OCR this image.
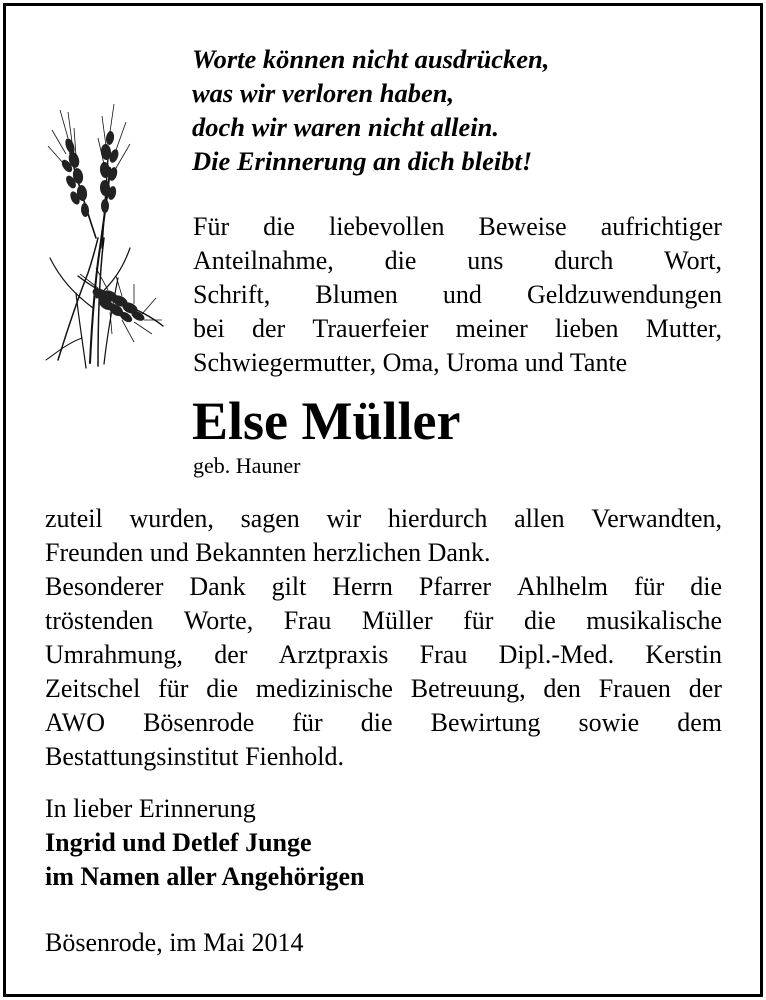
Worte können nicht ausdrücken,
was wir verloren haben,
doch wir waren nicht allein.
Die Erinnerung an dich bleibt!
Für die liebevollen Beweise aufrichtiger
Anteilnahme, die uns durch Wort,
Schrift, Blumen und Geldzuwendungen
bei der Trauerfeier meiner lieben Mutter,
Schwiegermutter, Oma, Uroma und Tante
Else Müller
geb. Hauner
zuteil wurden, sagen wir hierdurch allen Verwandten,
Freunden und Bekannten herzlichen Dank.
Besonderer Dank gilt Herrn Pfarrer Ahlhelm für die
tröstenden Worte, Frau Müller für die musikalische
Umrahmung, der Arztpraxis Frau Dipl.-Med. Kerstin
Zeitschel für die medizinische Betreuung, den Frauen der
AWO Bösenrode für die Bewirtung sowie dem
Bestattungsinstitut Fienhold.
In lieber Erinnerung
Ingrid und Detlef Junge
im Namen aller Angehörigen
Bösenrode, im Mai 2014
